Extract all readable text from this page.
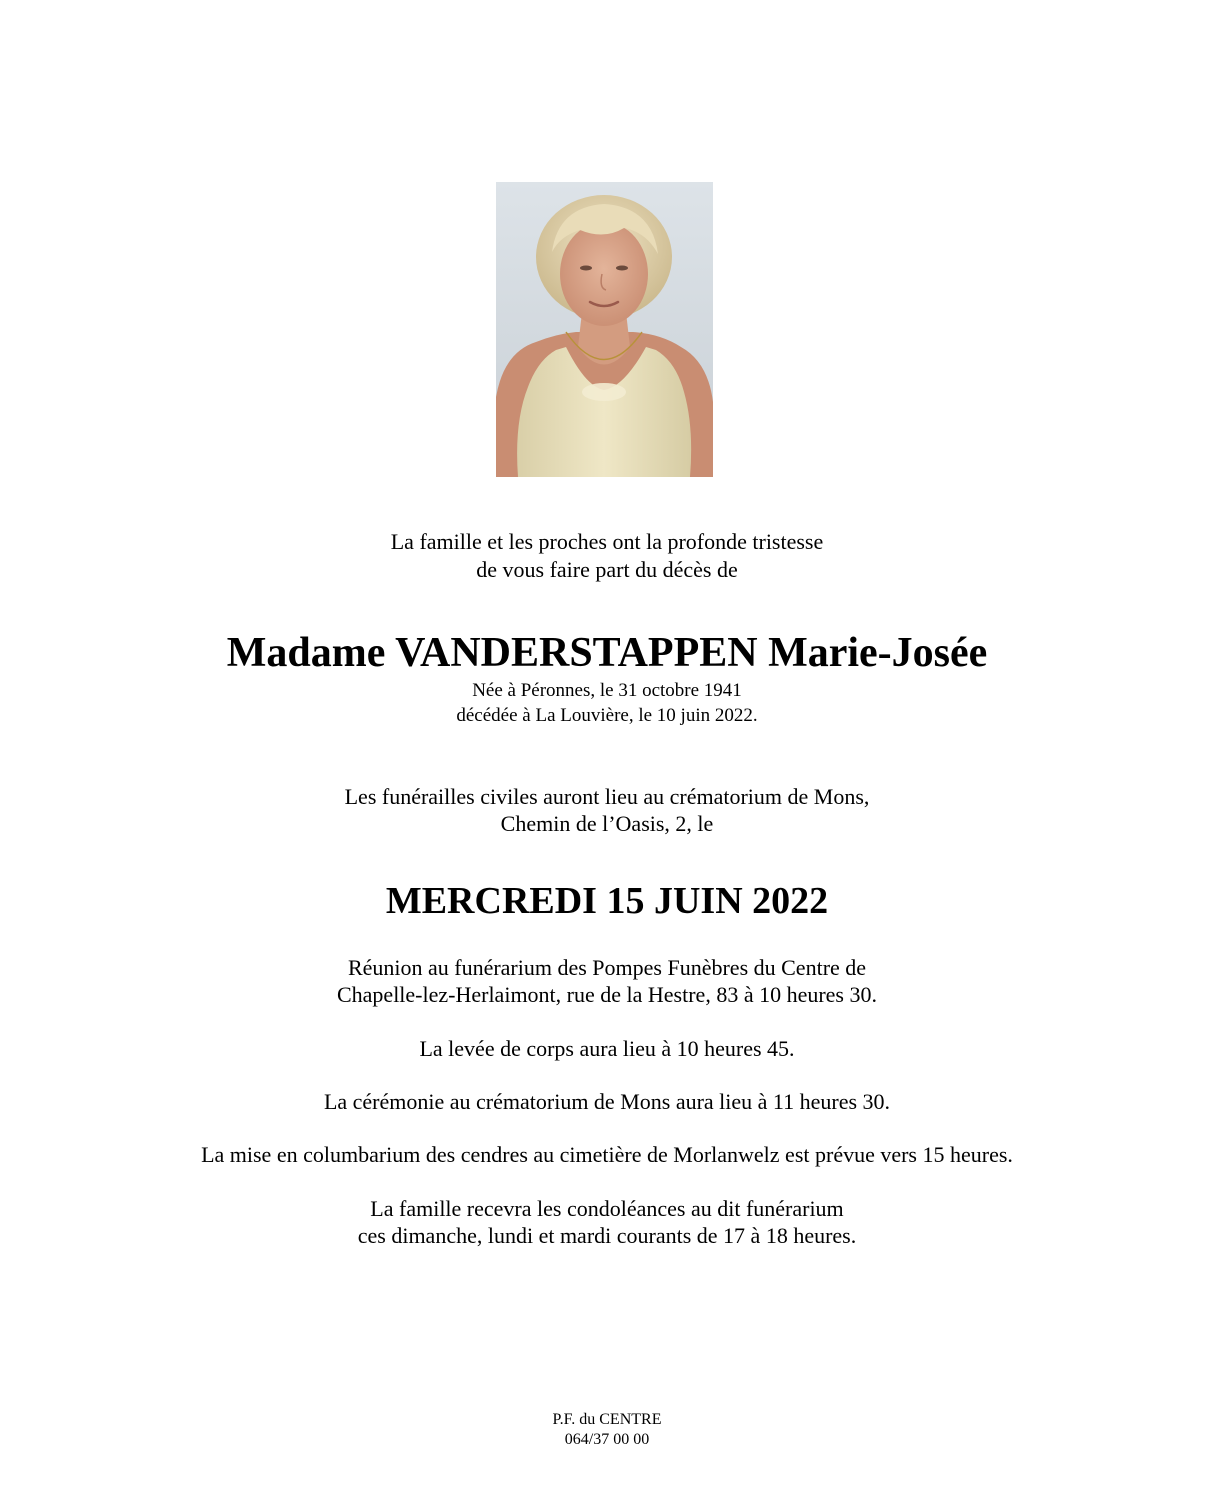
La famille et les proches ont la profonde tristesse
de vous faire part du décès de
Madame VANDERSTAPPEN Marie-Josée
Née à Péronnes, le 31 octobre 1941
décédée à La Louvière, le 10 juin 2022.
Les funérailles civiles auront lieu au crématorium de Mons,
Chemin de l’Oasis, 2, le
MERCREDI 15 JUIN 2022
Réunion au funérarium des Pompes Funèbres du Centre de
Chapelle-lez-Herlaimont, rue de la Hestre, 83 à 10 heures 30.
La levée de corps aura lieu à 10 heures 45.
La cérémonie au crématorium de Mons aura lieu à 11 heures 30.
La mise en columbarium des cendres au cimetière de Morlanwelz est prévue vers 15 heures.
La famille recevra les condoléances au dit funérarium
ces dimanche, lundi et mardi courants de 17 à 18 heures.
P.F. du CENTRE
064/37 00 00
